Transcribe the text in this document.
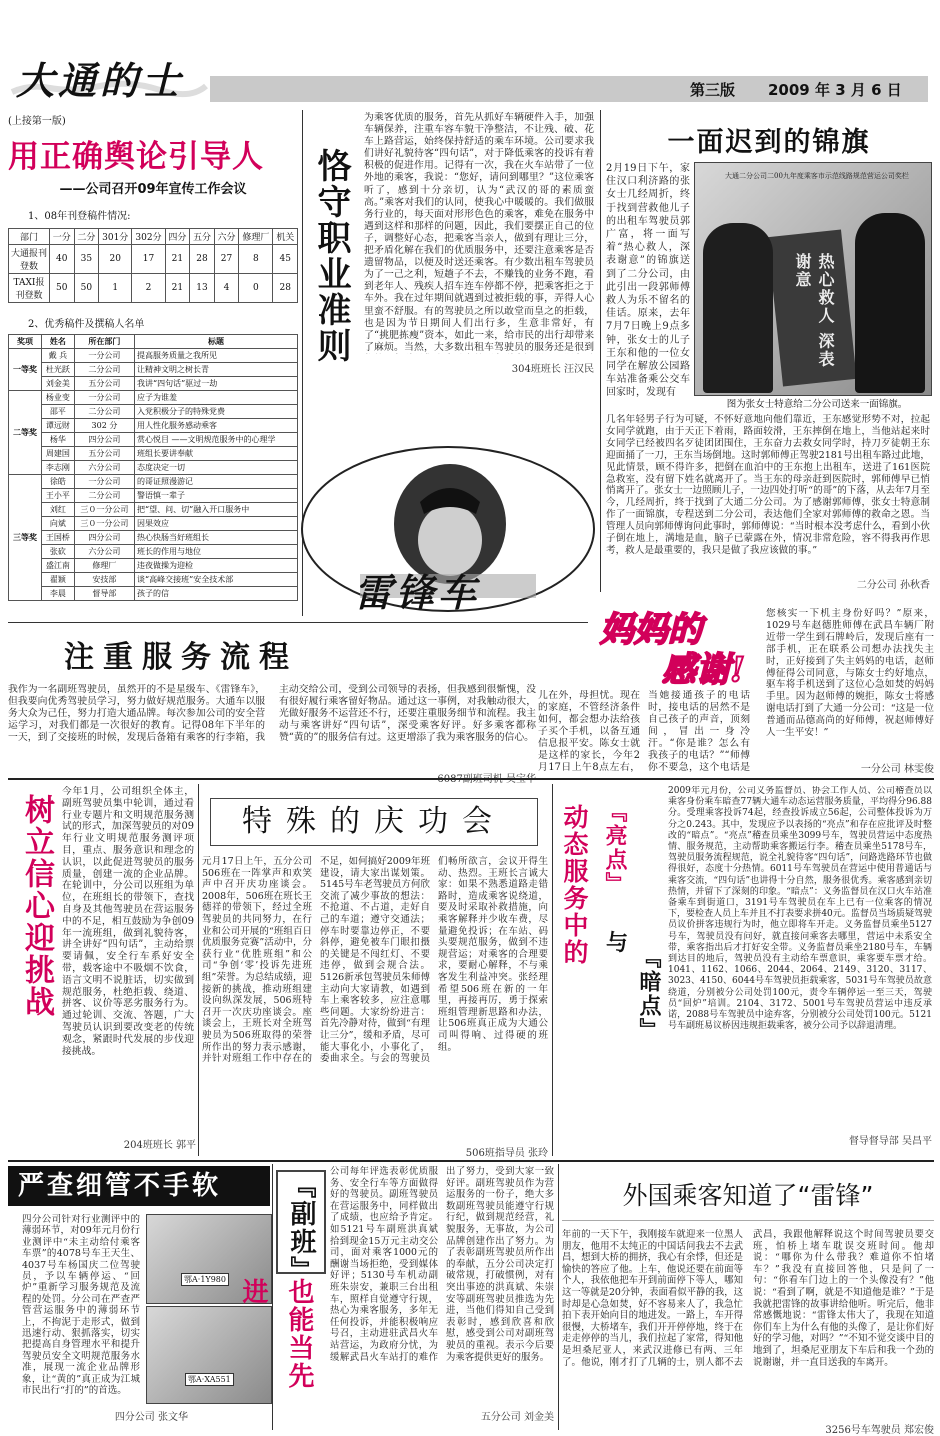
大通的士	第三版 2009 年 3 月 6 日
(上接第一版)
用正确舆论引导人
——公司召开09年宣传工作会议
1、08年刊登稿件情况:
部门	一分	二分	301分	302分	四分	五分	六分	修理厂	机关
大通报刊登数	40	35	20	17	21	28	27	8	45
TAXI报刊登数	50	50	1	2	21	13	4	0	28
2、优秀稿件及撰稿人名单
奖项	姓名	所在部门	标题
一等奖	戴 兵	一分公司	提高服务质量之我所见
	杜光跃	二分公司	让精神文明之树长青
	刘金美	五分公司	我讲“四句话”驱过一劫
二等奖	杨业变	一分公司	应子为谁羞
	邵平	二分公司	入党积极分子的特殊党费
	谭远财	302 分	用人性化服务感动乘客
	杨华	四分公司	赏心悦目 ——文明规范服务中的心理学
	周建国	五分公司	班组长要讲奉献
	李志刚	六分公司	态度决定一切
三等奖	徐皓	一分公司	的哥证照漫游记
	王小平	二分公司	警语慎一辈子
	刘红	三０一分公司	把“望、问、切”融入开口服务中
	向斌	三０一分公司	因果效应
	王国桥	四分公司	热心快肠当好班组长
	张砍	六分公司	班长的作用与地位
	盛江南	修理厂	违夜做操为迎检
	翟颖	安技部	谈“高峰交接班”安全技术部
	李晨	督导部	孩子的信
恪守职业准则
为乘客优质的服务，首先从抓好车辆硬件入手，加强车辆保养，注重车容车貌干净整洁，不让残、破、花车上路营运，始终保持舒适的乘车环境。公司要求我们讲好礼貌待客“四句话”，对于降低乘客的投诉有着积极的促进作用。记得有一次，我在火车站带了一位外地的乘客，我说：“您好，请问到哪里？”这位乘客听了，感到十分亲切，认为“武汉的哥的素质蛮高。”乘客对我们的认同，使我心中暖暖的。我们做服务行业的，每天面对形形色色的乘客，难免在服务中遇到这样和那样的问题，因此，我们要摆正自己的位子，调整好心态，把乘客当亲人，做到有理让三分，把矛盾化解在我们的优质服务中，还要注意乘客是否遗留物品，以便及时送还乘客。有少数出租车驾驶员为了一己之利，短趟子不去，不赚钱的业务不跑，看到老年人、残疾人招车连车停都不停，把乘客拒之于车外。我在过年期间就遇到过被拒载的事，弄得人心里蛮不舒服。有的驾驶员之所以敢堂而皇之的拒载，也是因为节日期间人们出行多，生意非常好，有了“挑肥拣瘦”资本，如此一来，给市民的出行却带来了麻烦。当然，大多数出租车驾驶员的服务还是很到
304班班长 汪汉民
雷锋车
一面迟到的锦旗
2月19日下午，家住汉口利济路的张女士几经周折，终于找到营救他儿子的出租车驾驶员郭广富，将一面写着“热心救人，深表谢意”的锦旗送到了二分公司，由此引出一段郭师傅救人为乐不留名的佳话。原来，去年7月7日晚上9点多钟，张女士的儿子王东和他的一位女同学在解放公园路车站准备乘公交车回家时，发现有
大通二分公司二00九年度乘客市示范线路规范营运公司奖栏
热心救人 深表谢意
图为张女士特意给二分公司送来一面锦旗。
几名年轻男子行为可疑，不怀好意地向他们靠近，王东感觉形势不对，拉起女同学就跑，由于天正下着雨，路面较滑，王东摔倒在地上，当他站起来时女同学已经被四名歹徒团团围住，王东奋力去救女同学时，持刀歹徒朝王东迎面捅了一刀，王东当场倒地。这时郭师傅正驾驶2181号出租车路过此地，见此情景，顾不得许多，把倒在血泊中的王东抱上出租车，送进了161医院急救室，没有留下姓名就离开了。当王东的母亲赶到医院时，郭师傅早已悄悄离开了。张女士一边照顾儿子，一边四处打听“的哥”的下落，从去年7月至今，几经周折，终于找到了大通二分公司。为了感谢郭师傅，张女士特意制作了一面锦旗，专程送到二分公司，表达他们全家对郭师傅的救命之恩。当管理人员向郭师傅询问此事时，郭师傅说：“当时根本没考虑什么，看到小伙子倒在地上，满地是血，脑子已蒙露在外，情况非常危险，容不得我再作思考，救人是最重要的，我只是做了我应该做的事。”
二分公司 孙秋香
妈妈的
感谢!
儿在外，母担忧。现在的家庭，不管经济条件如何，都会想办法给孩子买个手机，以备互通信息报平安。陈女士就是这样的家长，今年2月17日上午8点左右，当她接通孩子的电话时，接电话的居然不是自己孩子的声音，顶刻间，冒出一身冷汗。“你是谁？怎么有我孩子的电话？”“师傅你不要急，这个电话是
您核实一下机主身份好吗？”原来，1029号车赵德胜师傅在武昌车辆厂附近带一学生到石牌岭后，发现后座有一部手机，正在联系公司想办法找失主时，正好接到了失主妈妈的电话，赵师傅征得公司同意，与陈女士约好地点，驱车将手机送到了这位心急如焚的妈妈手里。因为赵师傅的婉拒，陈女士将感谢电话打到了大通一分公司：“这是一位普通而品德高尚的好师傅，祝赵师傅好人一生平安！”
一分公司 林雯俊
注重服务流程
我作为一名副班驾驶员，虽然开的不是星级车、《雷锋车》，但我要向优秀驾驶员学习，努力做好规范服务。大通车以服务大众为己任，努力打造大通品牌。每次参加公司的安全营运学习，对我们都是一次很好的教育。记得08年下半年的一天，到了交接班的时候，发现后备箱有乘客的行李箱，我主动交给公司，受到公司领导的表扬，但我感到很惭愧，没有很好履行乘客留好物品。通过这一事例，对我触动很大，光做好服务不运营还不行，还要注重服务细节和流程。我主动与乘客讲好“四句话”，深受乘客好评。好多乘客都称赞“黄的”的服务信有过。这更增添了我为乘客服务的信心。
6087副班司机 吴宝华
树立信心迎挑战
今年1月，公司组织全体主，副班驾驶员集中轮训，通过看行业专题片和文明规范服务测试的形式，加深驾驶员的对09年行业文明规范服务测评项目，重点、服务意识和理念的认识，以此促进驾驶员的服务质量，创建一流的企业品牌。在轮训中，分公司以班组为单位，在班组长的带领下，查找自身及其他驾驶员在营运服务中的不足，相互鼓励为争创09年一流班组，做到礼貌待客，讲全讲好“四句话”，主动给票要请佩，安全行车系好安全带，载客途中不吸烟不饮食，语言文明不说脏话，切实做到规范服务，杜绝拒载、绕道、拼客、议价等恶劣服务行为。通过轮训、交流、答题，广大驾驶员认识到要改变老的传统观念，紧跟时代发展的步伐迎接挑战。
204班班长 郭平
特殊的庆功会
元月17日上午，五分公司506班在一阵掌声和欢笑声中召开庆功座谈会。2008年，506班在班长王德祥的带领下，经过全班驾驶员的共同努力，在行业和公司开展的“班组百日优质服务竞赛”活动中，分获行业“优胜班组”和公司“争创‘零’投诉先进班组”荣誉。为总结成绩，迎接新的挑战，推动班组建设向纵深发展，506班特召开一次庆功座谈会。座谈会上，王班长对全班驾驶员为506班取得的荣誉所作出的努力表示感谢，并针对班组工作中存在的不足，如何搞好2009年班建设，请大家出谋划策。5145号车老驾驶员方何欣交流了减少事故的想法：不抢道、不占道，走好自己的车道；遵守交通法；停车时要靠边停正，不要斜停，避免被车门眼扣摄的关键是不闯红灯、不要违停，做到会规合法。5126新承包驾驶员朱师傅主动向大家请教，如遇到车上乘客较多，应注意哪些问题。大家纷纷进言：首先冷静对待，做到“有理让三分”，缓和矛盾，尽可能大事化小，小事化了，委曲求全。与会的驾驶员们畅所欲言，会议开得生动、热烈。王班长言诚大家：如果不熟悉道路走错路时，造成乘客说绕道，要及时采取补救措施，向乘客解释并少收车费，尽量避免投诉；在车站、码头要规范服务，做到不违规营运；对乘客的合理要求，要耐心解释，不与乘客发生利益冲突。张经理希望506班在新的一年里，再接再厉，勇于探索班组管理新思路和办法，让506班真正成为大通公司叫得响、过得硬的班组。
506班指导员 张玲
动态服务中的 『亮点』
与
『暗点』
2009年元月份，公司义务监督员、协会工作人员、公司稽查员以乘客身份乘车暗查77辆大通车动态运营服务质量，平均得分96.88分。受理乘客投诉74起，经查投诉成立56起，公司整体投诉为万分之0.243。其中，发现应予以表扬的“亮点”和存在应批评及时整改的“暗点”。“亮点”稽查员乘坐3099号车，驾驶员营运中态度热情、服务规范，主动帮助乘客搬运行李。稽查员乘坐5178号车，驾驶员服务流程规范，说全礼貌待客“四句话”，问路选路环节也做得很好，态度十分热情。6011号车驾驶员在营运中使用普通话与乘客交流，“四句话”也讲得十分自然，服务很优秀。乘客感到亲切热情，并留下了深刻的印象。“暗点”：义务监督员在汉口火车站准备乘车到街道口，3191号车驾驶员在车上已有一位乘客的情况下，要检查人员上车并且不打表要求拼40元。监督员当场质疑驾驶员议价拼客违规行为时，他立即将车开走。义务监督员乘坐5127号车，驾驶员没有问好，就直接问乘客去哪里，营运中未系安全带，乘客指出后才打好安全带。义务监督员乘坐2180号车，车辆到达目的地后，驾驶员没有主动给车票意识，乘客要车票才给。1041、1162、1066、2044、2064、2149、3120、3117、3023、4150、6044号车驾驶员拒载乘客，5031号车驾驶员故意绕道，分别被分公司处罚100元，责令车辆停运一至三天，驾驶员“回炉”培训。2104、3172、5001号车驾驶员营运中违反承诺，2088号车驾驶员中途弃客，分别被分公司处罚100元。5121号车副班易议桥因违规拒载乘客，被分公司予以辞退清理。
督导督导部 吴昌平
严查细管不手软
四分公司针对行业测评中的薄弱环节，对09年元月份行业测评中“未主动给付乘客车票”的4078号车王天生、4037号车杨国庆二位驾驶员，予以车辆停运、“回炉”重新学习服务规范及流程的处罚。分公司在严查严管营运服务中的薄弱环节上，不拘泥于走形式，做到迅速行动、狠抓落实，切实把提高自身管理水平和提升驾驶员安全文明规范服务水准，展现一流企业品牌形象，让“黄的”真正成为江城市民出行“打的”的首选。
鄂A·1Y980
鄂A·XA551
四分公司 张文华
『副班』
也能当先进
公司每年评选表彰优质服务、安全行车等方面做得好的驾驶员。副班驾驶员在营运服务中，同样做出了成绩，也应给予肯定。如5121号车副班洪真斌拾到现金15万元主动交公司，面对乘客1000元的酬谢当场拒绝，受到媒体好评；5130号车机动副班朱崇安，兼职三台出租车，照样自觉遵守行规，热心为乘客服务，多年无任何投诉，并能积极响应号召，主动进驻武昌火车站营运，为政府分忧，为缓解武昌火车站打的难作出了努力，受到大家一致好评。副班驾驶员作为营运服务的一份子，绝大多数副班驾驶员能遵守行规行纪，做到规范经营，礼貌服务，无事故，为公司品牌创建作出了努力。为了表彰副班驾驶员所作出的奉献，五分公司决定打破常规，打破惯例，对有突出事迹的洪真斌、朱崇安等副班驾驶员推选为先进，当他们得知自己受到表彰时，感到欣喜和欣慰，感受到公司对副班驾驶员的重视。表示今后要为乘客提供更好的服务。
五分公司 刘金美
外国乘客知道了“雷锋”
年前的一天下午，我刚接车就迎来一位黑人朋友，他用不太纯正的中国话问我去不去武昌，想到大桥的拥挤，我心有余悸，但还是愉快的答应了他。上车，他说还要在前面等个人，我依他把车开到前面停下等人，哪知这一等就是20分钟，表面看似平静的我，这时却是心急如焚，好不容易来人了，我急忙拍下表开始向目的地进发。一路上，车开得很慢，大桥堵车，我们开开停停地，终于在走走停停的当儿，我们拉起了家常，得知他是坦桑尼亚人，来武汉进修已有两、三年了。他说，刚才打了几辆的士，别人都不去武昌，我跟他解释说这个时间驾驶员要交班，怕桥上堵车耽误交班时间。他却说：“哪你为什么带我？难道你不怕堵车？”我没有直接回答他，只是问了一句：“你看车门边上的一个头像没有？”他说：“看到了啊，就是不知道他是谁？”于是我就把雷锋的故事讲给他听。听完后，他非常感慨地说：“雷锋太伟大了，我现在知道你们车上为什么有他的头像了，是让你们好好的学习他，对吗？”“不知不觉交谈中目的地到了，坦桑尼亚朋友下车后和我一个劲的说谢谢，并一直目送我的车离开。
3256号车驾驶员 郑宏俊
